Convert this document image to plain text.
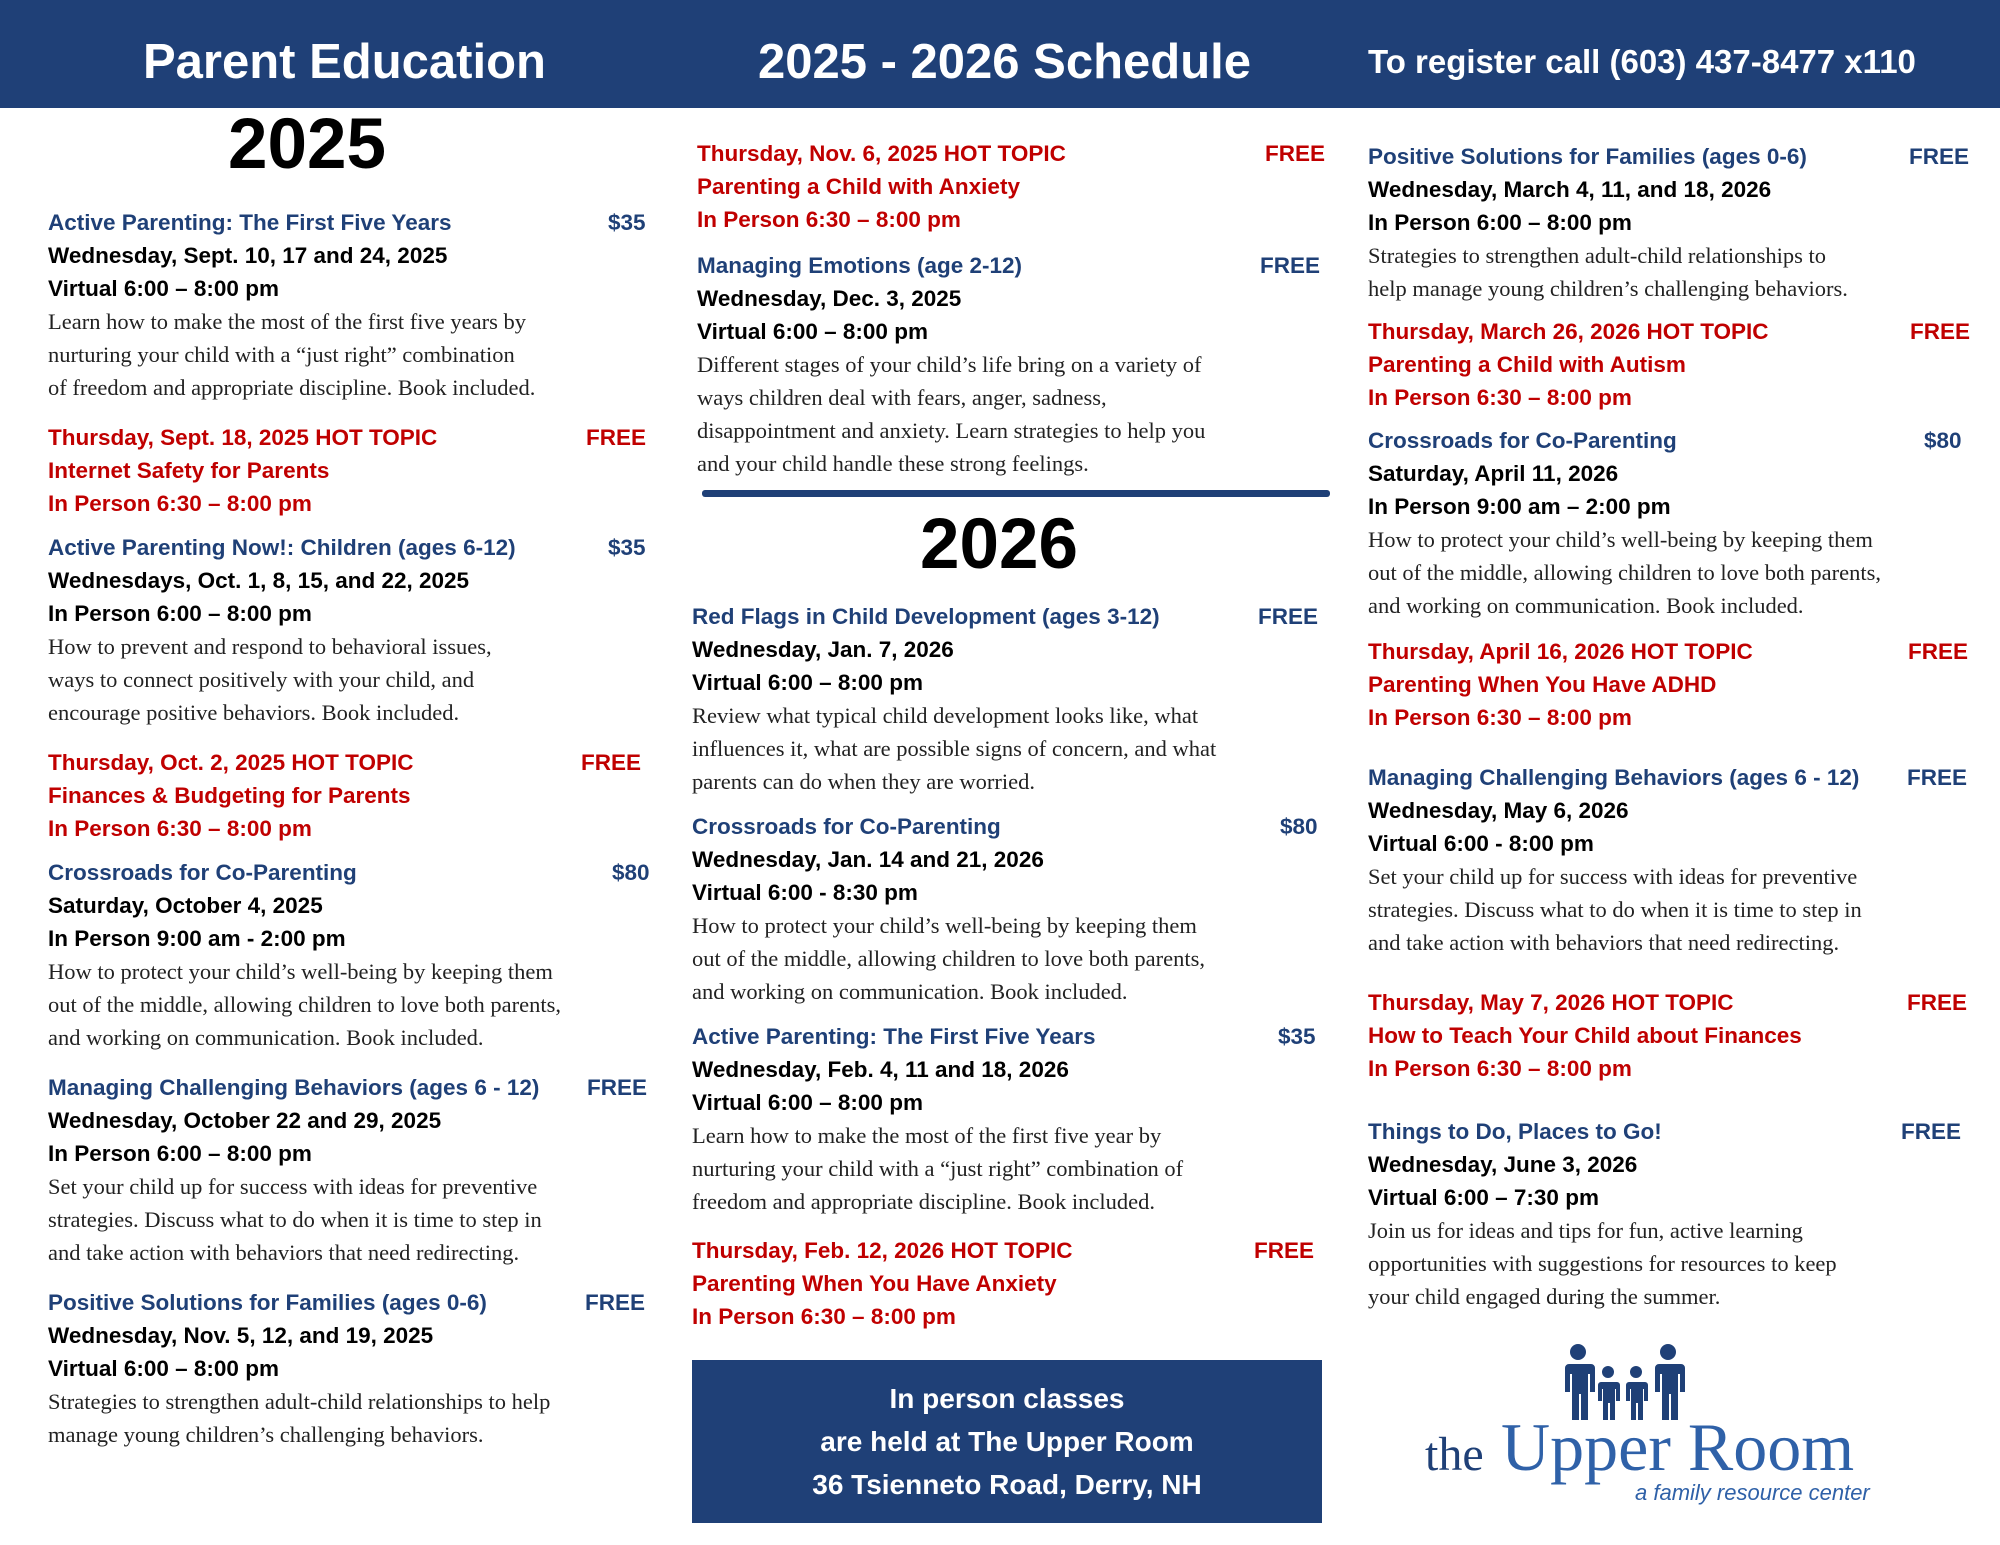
Parent Education	2025 - 2026 Schedule	To register call (603) 437-8477 x110
2025
Active Parenting: The First Five Years	$35
Wednesday, Sept. 10, 17 and 24, 2025
Virtual 6:00 – 8:00 pm
Learn how to make the most of the first five years by
nurturing your child with a “just right” combination
of freedom and appropriate discipline. Book included.
Thursday, Sept. 18, 2025 HOT TOPIC	FREE
Internet Safety for Parents
In Person 6:30 – 8:00 pm
Active Parenting Now!: Children (ages 6-12)	$35
Wednesdays, Oct. 1, 8, 15, and 22, 2025
In Person 6:00 – 8:00 pm
How to prevent and respond to behavioral issues,
ways to connect positively with your child, and
encourage positive behaviors. Book included.
Thursday, Oct. 2, 2025 HOT TOPIC	FREE
Finances & Budgeting for Parents
In Person 6:30 – 8:00 pm
Crossroads for Co-Parenting	$80
Saturday, October 4, 2025
In Person 9:00 am - 2:00 pm
How to protect your child’s well-being by keeping them
out of the middle, allowing children to love both parents,
and working on communication. Book included.
Managing Challenging Behaviors (ages 6 - 12) FREE
Wednesday, October 22 and 29, 2025
In Person 6:00 – 8:00 pm
Set your child up for success with ideas for preventive
strategies. Discuss what to do when it is time to step in
and take action with behaviors that need redirecting.
Positive Solutions for Families (ages 0-6)	FREE
Wednesday, Nov. 5, 12, and 19, 2025
Virtual 6:00 – 8:00 pm
Strategies to strengthen adult-child relationships to help
manage young children’s challenging behaviors.
Thursday, Nov. 6, 2025 HOT TOPIC	FREE
Parenting a Child with Anxiety
In Person 6:30 – 8:00 pm
Managing Emotions (age 2-12)	FREE
Wednesday, Dec. 3, 2025
Virtual 6:00 – 8:00 pm
Different stages of your child’s life bring on a variety of
ways children deal with fears, anger, sadness,
disappointment and anxiety. Learn strategies to help you
and your child handle these strong feelings.
2026
Red Flags in Child Development (ages 3-12)	FREE
Wednesday, Jan. 7, 2026
Virtual 6:00 – 8:00 pm
Review what typical child development looks like, what
influences it, what are possible signs of concern, and what
parents can do when they are worried.
Crossroads for Co-Parenting	$80
Wednesday, Jan. 14 and 21, 2026
Virtual 6:00 - 8:30 pm
How to protect your child’s well-being by keeping them
out of the middle, allowing children to love both parents,
and working on communication. Book included.
Active Parenting: The First Five Years	$35
Wednesday, Feb. 4, 11 and 18, 2026
Virtual 6:00 – 8:00 pm
Learn how to make the most of the first five year by
nurturing your child with a “just right” combination of
freedom and appropriate discipline. Book included.
Thursday, Feb. 12, 2026 HOT TOPIC	FREE
Parenting When You Have Anxiety
In Person 6:30 – 8:00 pm
In person classes
are held at The Upper Room
36 Tsienneto Road, Derry, NH
Positive Solutions for Families (ages 0-6)	FREE
Wednesday, March 4, 11, and 18, 2026
In Person 6:00 – 8:00 pm
Strategies to strengthen adult-child relationships to
help manage young children’s challenging behaviors.
Thursday, March 26, 2026 HOT TOPIC	FREE
Parenting a Child with Autism
In Person 6:30 – 8:00 pm
Crossroads for Co-Parenting	$80
Saturday, April 11, 2026
In Person 9:00 am – 2:00 pm
How to protect your child’s well-being by keeping them
out of the middle, allowing children to love both parents,
and working on communication. Book included.
Thursday, April 16, 2026 HOT TOPIC	FREE
Parenting When You Have ADHD
In Person 6:30 – 8:00 pm
Managing Challenging Behaviors (ages 6 - 12) FREE
Wednesday, May 6, 2026
Virtual 6:00 - 8:00 pm
Set your child up for success with ideas for preventive
strategies. Discuss what to do when it is time to step in
and take action with behaviors that need redirecting.
Thursday, May 7, 2026 HOT TOPIC	FREE
How to Teach Your Child about Finances
In Person 6:30 – 8:00 pm
Things to Do, Places to Go!	FREE
Wednesday, June 3, 2026
Virtual 6:00 – 7:30 pm
Join us for ideas and tips for fun, active learning
opportunities with suggestions for resources to keep
your child engaged during the summer.
the Upper Room
a family resource center
